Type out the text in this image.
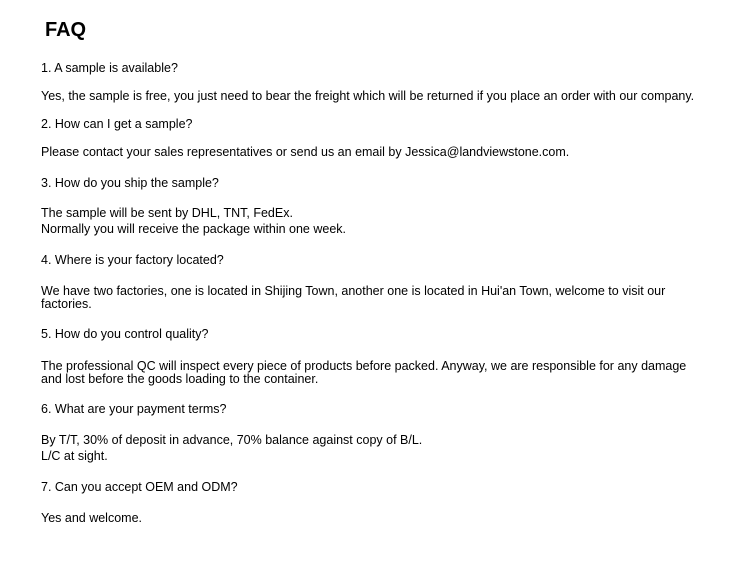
FAQ

1. A sample is available?

Yes, the sample is free, you just need to bear the freight which will be returned if you place an order with our company.

2. How can I get a sample?

Please contact your sales representatives or send us an email by Jessica@landviewstone.com.

3. How do you ship the sample?

The sample will be sent by DHL, TNT, FedEx.

Normally you will receive the package within one week.

4. Where is your factory located?

We have two factories, one is located in Shijing Town, another one is located in Hui'an Town, welcome to visit our factories.

5. How do you control quality?

The professional QC will inspect every piece of products before packed. Anyway, we are responsible for any damage and lost before the goods loading to the container.

6. What are your payment terms?

By T/T, 30% of deposit in advance, 70% balance against copy of B/L.

L/C at sight.

7. Can you accept OEM and ODM?

Yes and welcome.
